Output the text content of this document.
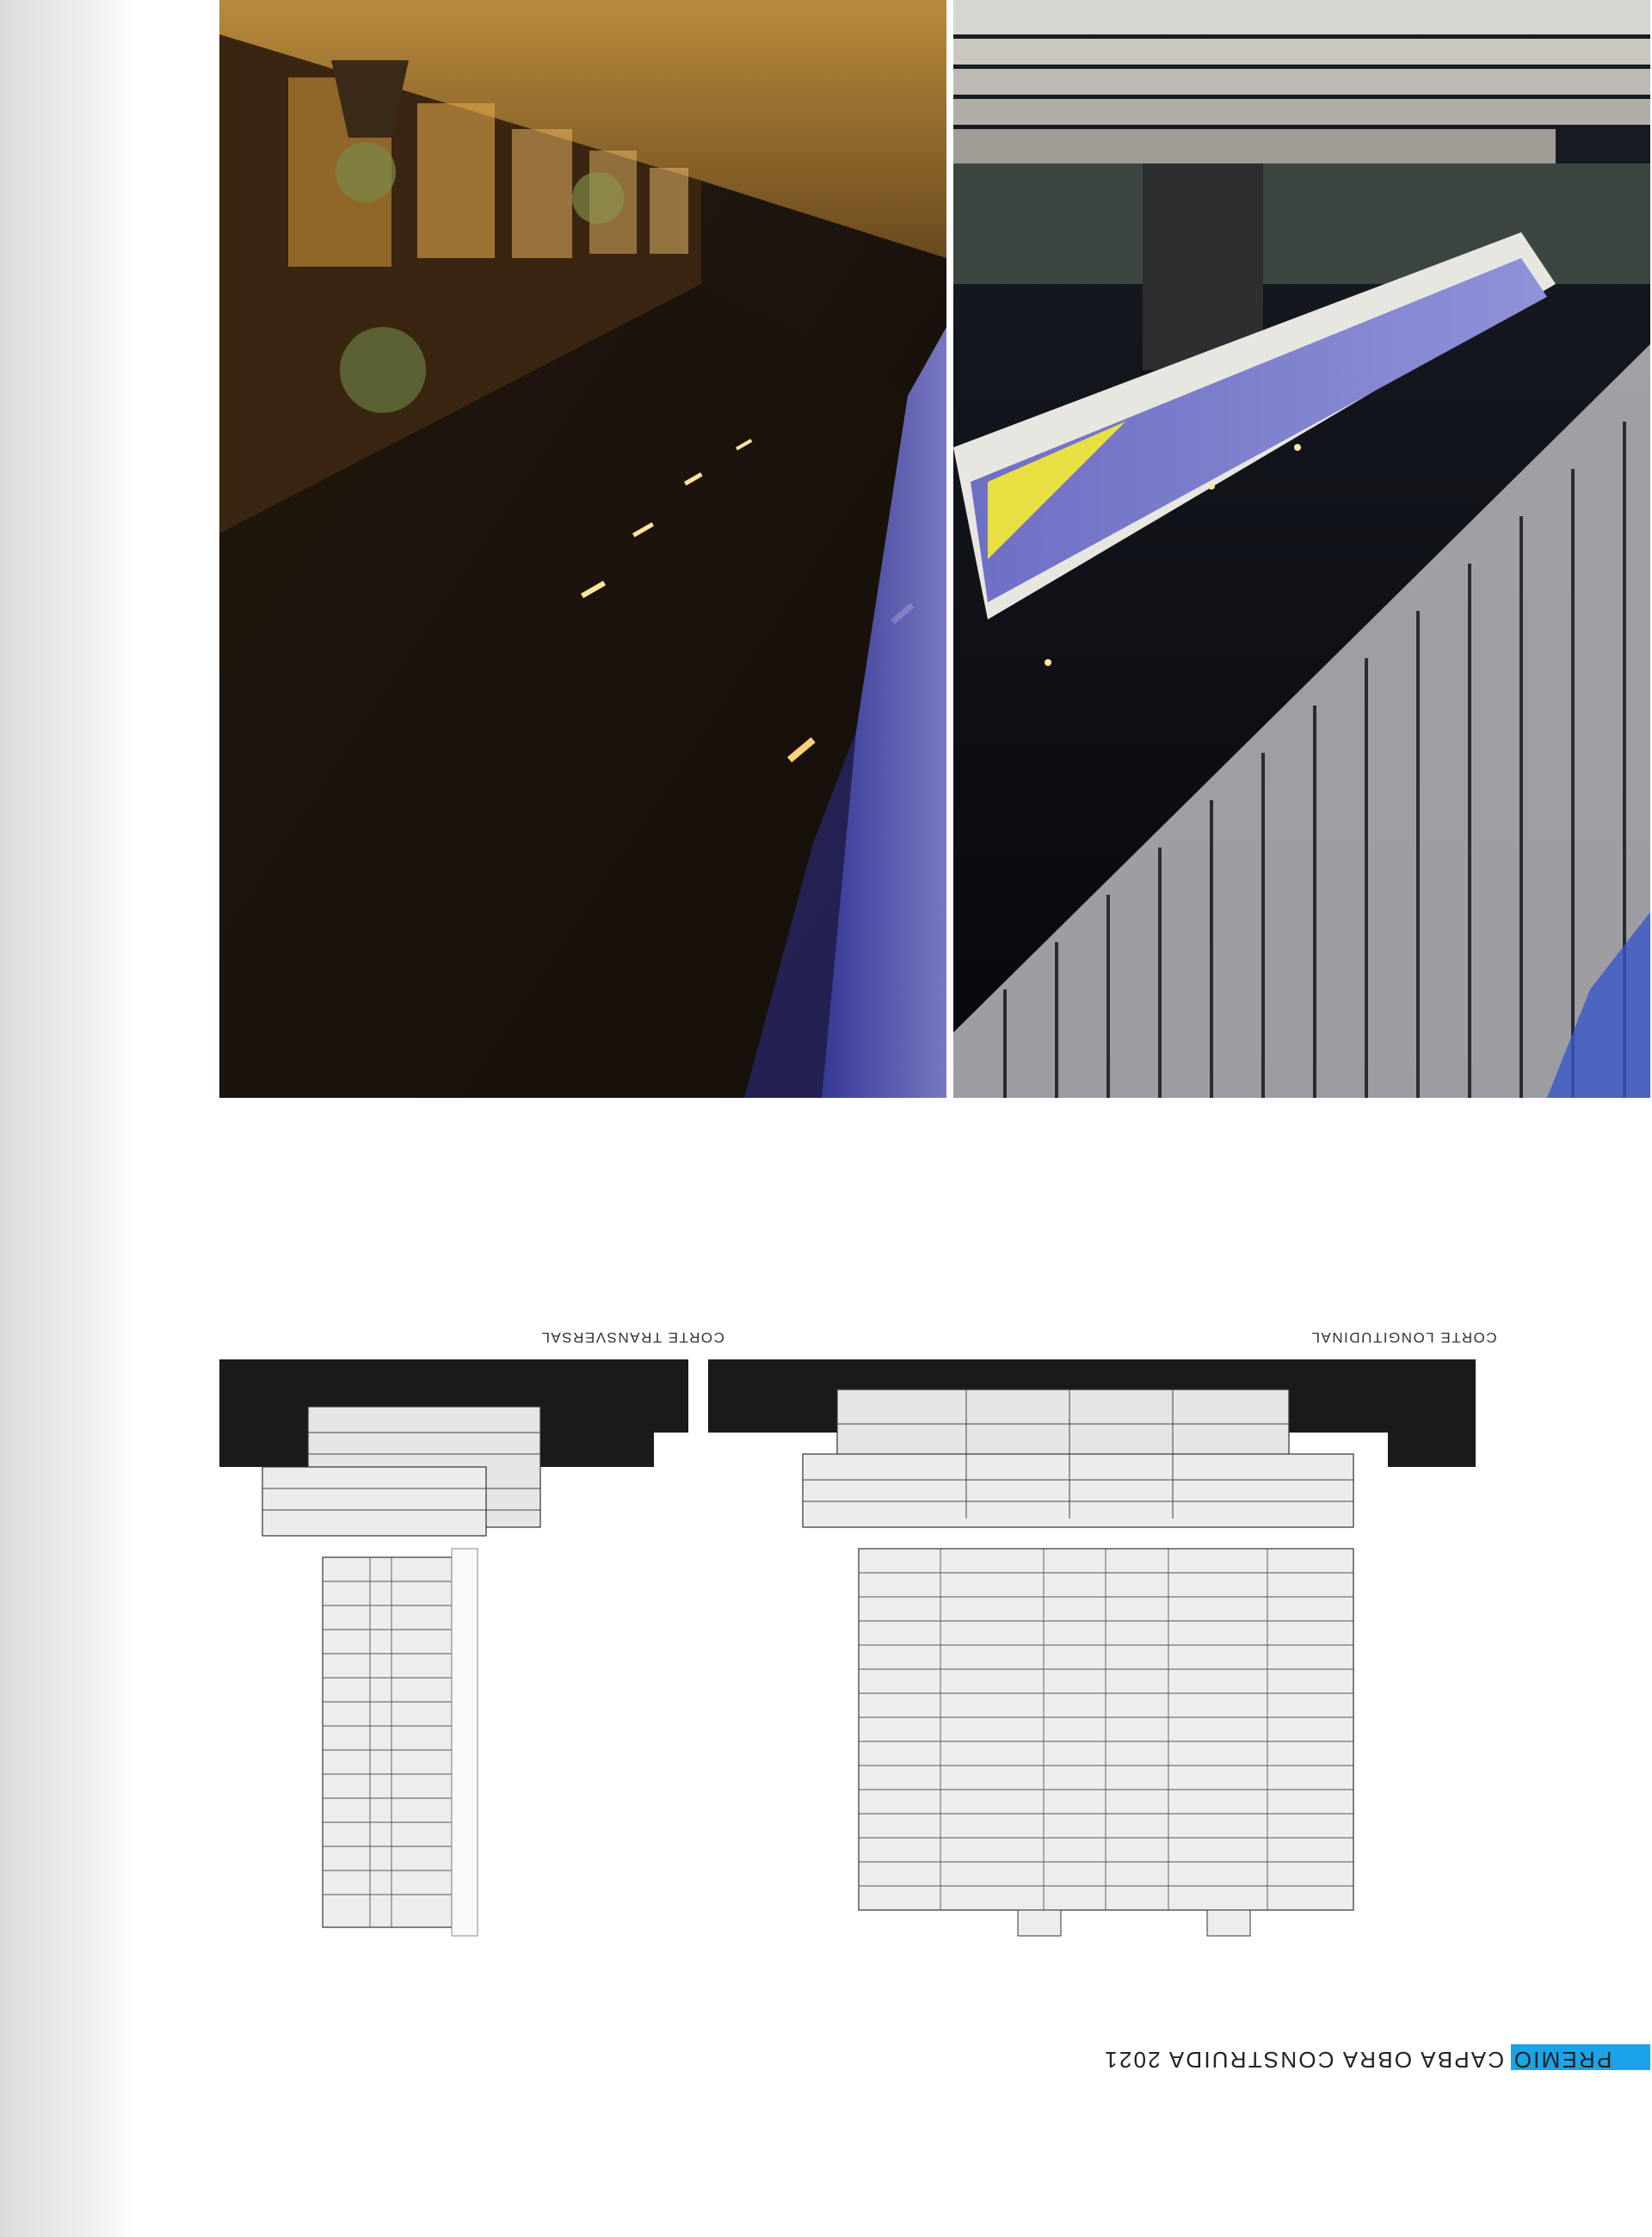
CORTE TRANSVERSAL	CORTE LONGITUDINAL
PREMIO CAPBA OBRA CONSTRUIDA 2021
